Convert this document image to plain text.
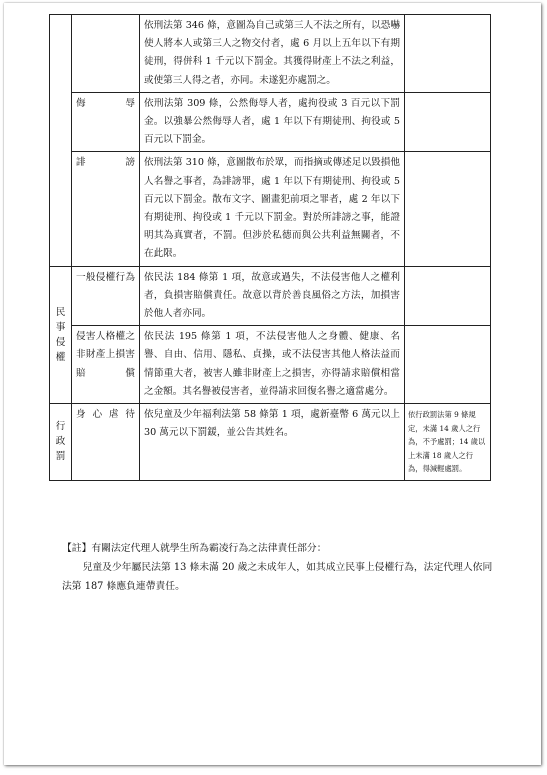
		依刑法第 346 條，意圖為自己或第三人不法之所有，以恐嚇使人將本人或第三人之物交付者，處 6 月以上五年以下有期徒刑，得併科 1 千元以下罰金。其獲得財產上不法之利益，或使第三人得之者，亦同。未遂犯亦處罰之。	
	侮辱	依刑法第 309 條，公然侮辱人者，處拘役或 3 百元以下罰金。以強暴公然侮辱人者，處 1 年以下有期徒刑、拘役或 5 百元以下罰金。	
	誹謗	依刑法第 310 條，意圖散布於眾，而指摘或傳述足以毀損他人名譽之事者，為誹謗罪，處 1 年以下有期徒刑、拘役或 5 百元以下罰金。散布文字、圖畫犯前項之罪者，處 2 年以下有期徒刑、拘役或 1 千元以下罰金。對於所誹謗之事，能證明其為真實者，不罰。但涉於私德而與公共利益無關者，不在此限。	
民事侵權	一般侵權行為	依民法 184 條第 1 項，故意或過失，不法侵害他人之權利者，負損害賠償責任。故意以背於善良風俗之方法，加損害於他人者亦同。	
	侵害人格權之非財產上損害賠償	依民法 195 條第 1 項，不法侵害他人之身體、健康、名譽、自由、信用、隱私、貞操，或不法侵害其他人格法益而情節重大者，被害人雖非財產上之損害，亦得請求賠償相當之金額。其名譽被侵害者，並得請求回復名譽之適當處分。	
行政罰	身心虐待	依兒童及少年福利法第 58 條第 1 項，處新臺幣 6 萬元以上 30 萬元以下罰鍰，並公告其姓名。	依行政罰法第 9 條規定，未滿 14 歲人之行為，不予處罰；14 歲以上未滿 18 歲人之行為，得減輕處罰。

【註】有關法定代理人就學生所為霸凌行為之法律責任部分：

兒童及少年屬民法第 13 條未滿 20 歲之未成年人，如其成立民事上侵權行為，法定代理人依同法第 187 條應負連帶責任。
